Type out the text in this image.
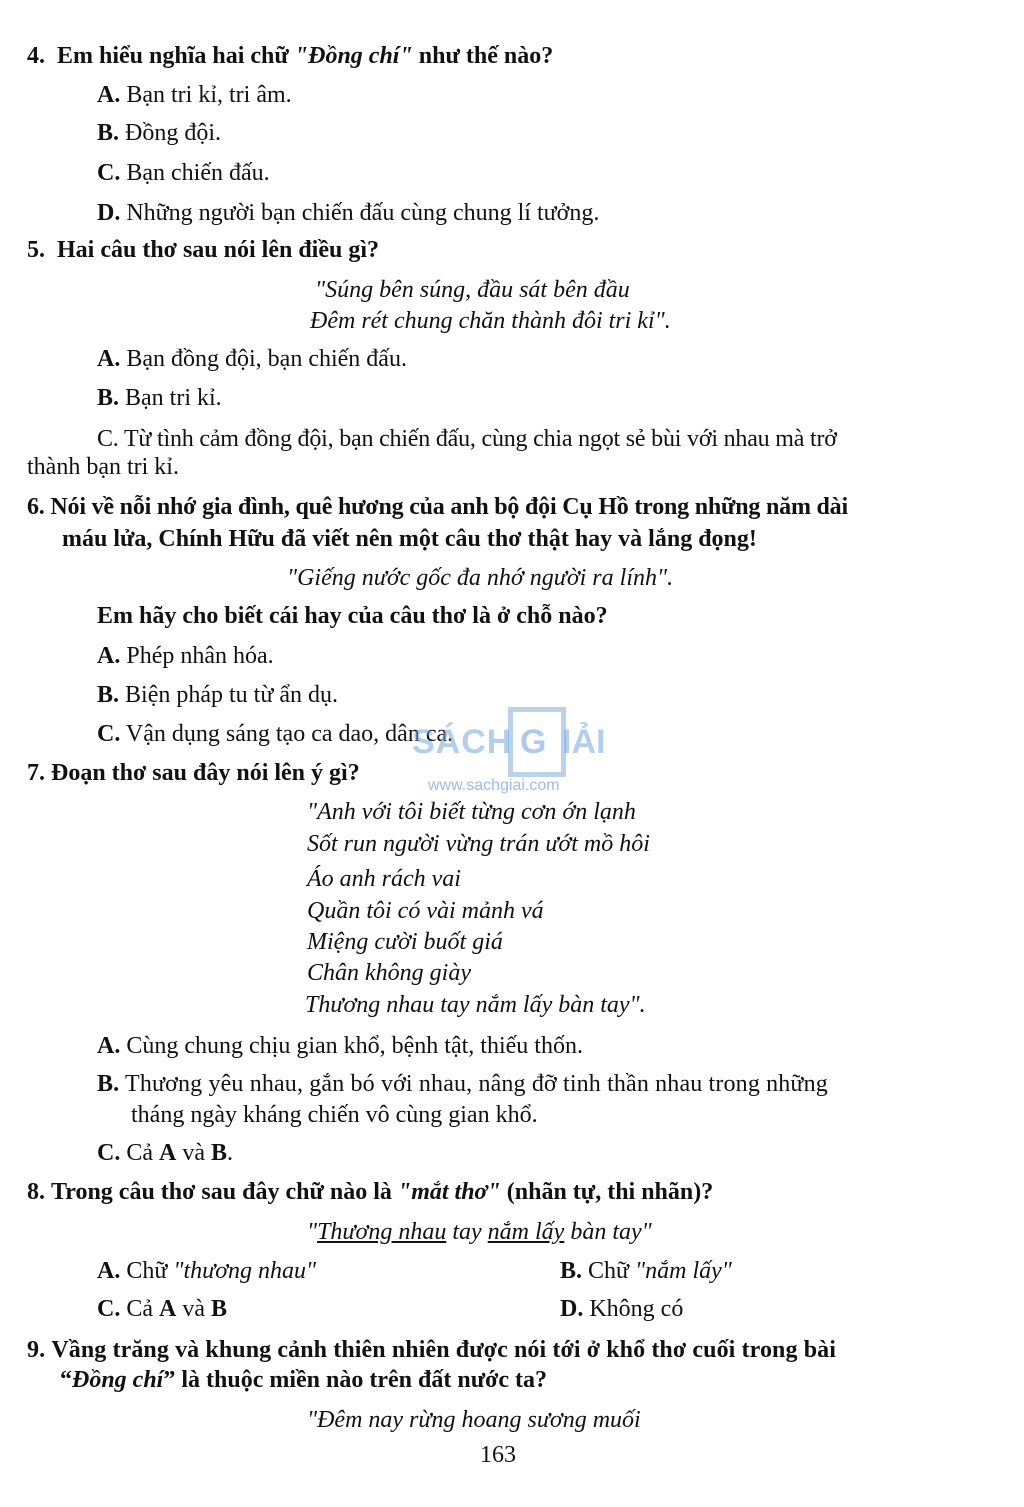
4. Em hiểu nghĩa hai chữ "Đồng chí" như thế nào?
A. Bạn tri kỉ, tri âm.
B. Đồng đội.
C. Bạn chiến đấu.
D. Những người bạn chiến đấu cùng chung lí tưởng.
5. Hai câu thơ sau nói lên điều gì?
"Súng bên súng, đầu sát bên đầu
Đêm rét chung chăn thành đôi tri kỉ".
A. Bạn đồng đội, bạn chiến đấu.
B. Bạn tri kỉ.
C. Từ tình cảm đồng đội, bạn chiến đấu, cùng chia ngọt sẻ bùi với nhau mà trở
thành bạn tri kỉ.
6. Nói về nỗi nhớ gia đình, quê hương của anh bộ đội Cụ Hồ trong những năm dài
máu lửa, Chính Hữu đã viết nên một câu thơ thật hay và lắng đọng!
"Giếng nước gốc đa nhớ người ra lính".
Em hãy cho biết cái hay của câu thơ là ở chỗ nào?
A. Phép nhân hóa.
B. Biện pháp tu từ ẩn dụ.
C. Vận dụng sáng tạo ca dao, dân ca.
SÁCH G IẢI
www.sachgiai.com
7. Đoạn thơ sau đây nói lên ý gì?
"Anh với tôi biết từng cơn ớn lạnh
Sốt run người vừng trán ướt mồ hôi
Áo anh rách vai
Quần tôi có vài mảnh vá
Miệng cười buốt giá
Chân không giày
Thương nhau tay nắm lấy bàn tay".
A. Cùng chung chịu gian khổ, bệnh tật, thiếu thốn.
B. Thương yêu nhau, gắn bó với nhau, nâng đỡ tinh thần nhau trong những
tháng ngày kháng chiến vô cùng gian khổ.
C. Cả A và B.
8. Trong câu thơ sau đây chữ nào là "mắt thơ" (nhãn tự, thi nhãn)?
"Thương nhau tay nắm lấy bàn tay"
A. Chữ "thương nhau"	B. Chữ "nắm lấy"
C. Cả A và B	D. Không có
9. Vầng trăng và khung cảnh thiên nhiên được nói tới ở khổ thơ cuối trong bài
“Đồng chí” là thuộc miền nào trên đất nước ta?
"Đêm nay rừng hoang sương muối
163
